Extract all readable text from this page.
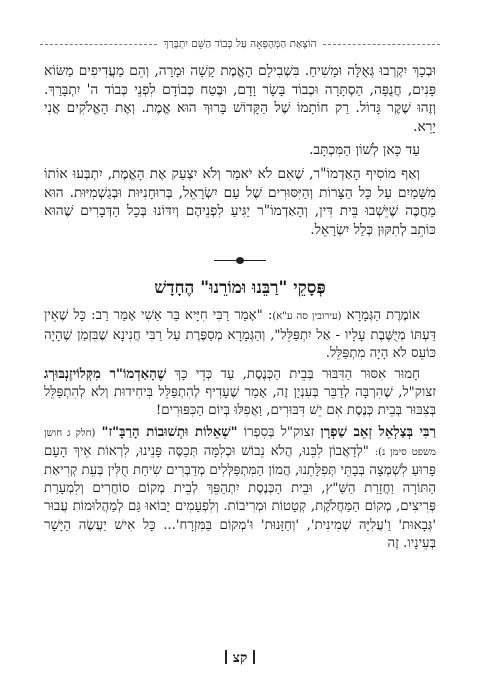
הוֹצָאַת הַמְּהָפְּאָה עַל כְּבוֹד הַשֵּׁם יִתְבָּרַךְ

וּבְכָךְ יִקְרְבוּ גְּאֻלָּה וּמָשִׁיחַ. בִּשְׁבִילָם הָאֱמֶת קָשָׁה וּמָרָה, וְהֵם מַעֲדִיפִים מַשּׂוֹא פָּנִים, חֲנֻפָּה, הַסְתָּרָה וּכְבוֹד בָּשָׂר וָדָם, וּבֶטַח כְּבוֹדָם לִפְנֵי כְּבוֹד ה' יִתְבָּרַךְ. וְזֶהוּ שֶׁקֶר גָּדוֹל. רַק חוֹתָמוֹ שֶׁל הַקָּדוֹשׁ בָּרוּךְ הוּא אֱמֶת. וְאֶת הָאֱלֹקִים אֲנִי יָרֵא.

עַד כָּאן לְשׁוֹן הַמִּכְתָּב.

וְאַף מוֹסִיף הָאַדְמוֹ"ר, שֶׁאִם לֹא יֹאמַר וְלֹא יִצְעַק אֶת הָאֱמֶת, יִתְבְּעוּ אוֹתוֹ מִשָּׁמַיִם עַל כָּל הַצָּרוֹת וְהַיִּסּוּרִים שֶׁל עַם יִשְׂרָאֵל, בְּרוּחָנִיּוּת וּבְגַשְׁמִיּוּת. הוּא מַחֲכֶּה שֶׁיֵּשְׁבוּ בֵּית דִּין, וְהָאַדְמוֹ"ר יַגִּיעַ לִפְנֵיהֶם וְיִדּוֹנוּ בְּכָל הַדְּבָרִים שֶׁהוּא כּוֹתֵב לְתִקּוּן כְּלַל יִשְׂרָאֵל.

פְּסָקֵי "רַבֵּנוּ וּמוֹרֵנוּ" הֶחָדָשׁ

אוֹמֶרֶת הַגְּמָרָא (עירובין סה ע"א): "אָמַר רַבִּי חִיָּיא בַּר אַשִׁי אָמַר רַב: כָּל שֶׁאֵין דַּעְתּוֹ מְיֻשֶּׁבֶת עָלָיו - אַל יִתְפַּלֵּל", וְהַגְּמָרָא מְסַפֶּרֶת עַל רַבִּי חֲנִינָא שֶׁבִּזְמַן שֶׁהָיָה כּוֹעֵס לֹא הָיָה מִתְפַּלֵּל.

חָמוּר אִסּוּר הַדִּבּוּר בְּבֵית הַכְּנֶסֶת, עַד כְּדֵי כָּךְ שֶׁהָאַדְמוֹ"ר מִקְּלוֹיזֶנְבּוּרְג זצוק"ל, שֶׁהִרְבָּה לְדַבֵּר בְּעִנְיָן זֶה, אָמַר שֶׁעָדִיף לְהִתְפַּלֵּל בִּיחִידוּת וְלֹא לְהִתְפַּלֵּל בְּצִבּוּר בְּבֵית כְּנֶסֶת אִם יֵשׁ דִּבּוּרִים, וַאֲפִלּוּ בְּיוֹם הַכִּפּוּרִים!

רַבִּי בְּצַלְאֵל זְאֵב שַׁפְרָן זצוק"ל בְּסִפְרוֹ "שְׁאֵלוֹת וּתְשׁוּבוֹת הָרַבָּ"ז" (חלק ג חושן משפט סימן נ): "לְדַאֲבוֹן לִבֵּנוּ, הֲלֹא נֵבוֹשׁ וּכְלִמָּה תְּכַסֶּה פָּנֵינוּ, לִרְאוֹת אֵיךְ הָעָם פָּרוּעַ לִשְׁמְצָה בְּבָתֵּי תְּפִלָּתֵנוּ, הֲמוֹן הַמִּתְפַּלְּלִים מְדַבְּרִים שִׂיחַת חֻלִּין בְּעֵת קְרִיאַת הַתּוֹרָה וַחֲזָרַת הַשַּׁ"ץ, וּבֵית הַכְּנֶסֶת יִתְהַפֵּךְ לְבֵית מְקוֹם סוֹחֲרִים וְלִמְעָרַת פְּרִיצִים, מְקוֹם הַמַּחֲלֹקֶת, קְטָטוֹת וּמְרִיבוֹת. וְלִפְעָמִים יָבוֹאוּ גַּם לְמַהֲלוּמוֹת עֲבוּר 'גְּבָאוּת' וַ'עֲלִיָּה שְׁמִינִית', 'וְחַזָּנוּת' וּ'מְקוֹם בַּמִּזְרָח'... כָּל אִישׁ יַעֲשֶׂה הַיָּשָׁר בְּעֵינָיו. זֶה

קצ
